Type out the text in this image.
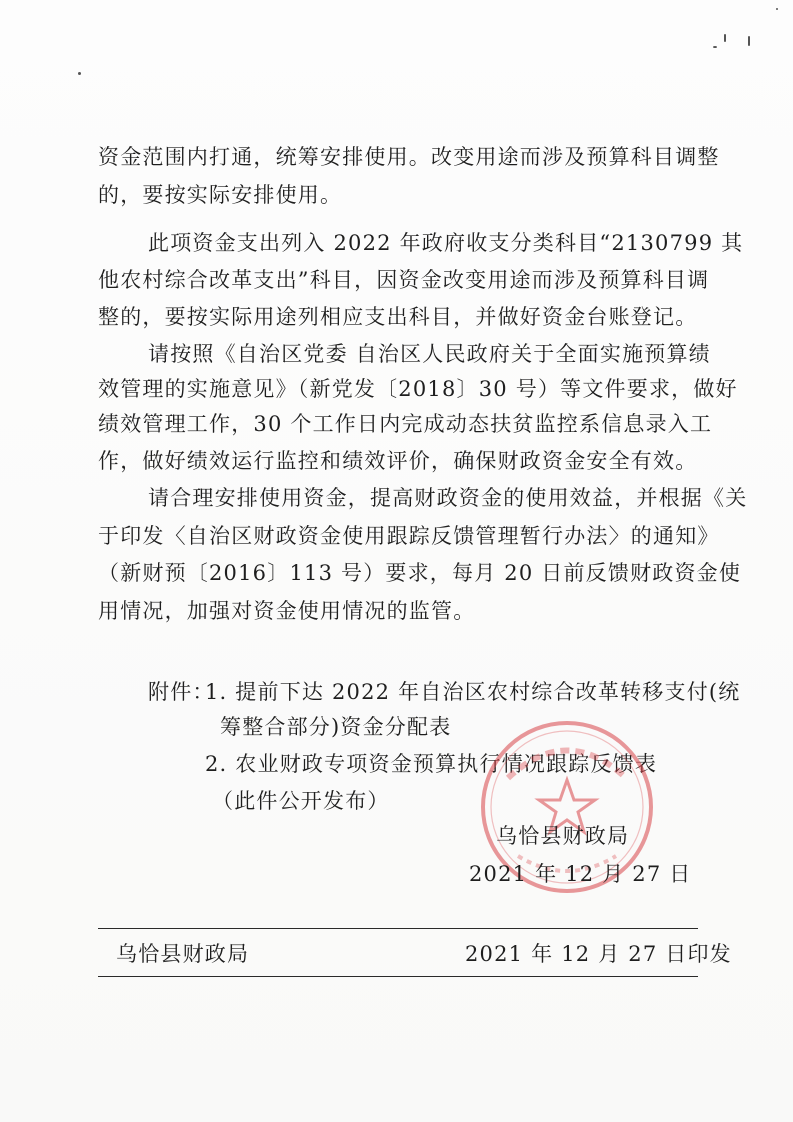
资金范围内打通，统筹安排使用。改变用途而涉及预算科目调整
的，要按实际安排使用。
此项资金支出列入 2022 年政府收支分类科目“2130799 其
他农村综合改革支出”科目，因资金改变用途而涉及预算科目调
整的，要按实际用途列相应支出科目，并做好资金台账登记。
请按照《自治区党委 自治区人民政府关于全面实施预算绩
效管理的实施意见》（新党发〔2018〕30 号）等文件要求，做好
绩效管理工作，30 个工作日内完成动态扶贫监控系信息录入工
作，做好绩效运行监控和绩效评价，确保财政资金安全有效。
请合理安排使用资金，提高财政资金的使用效益，并根据《关
于印发〈自治区财政资金使用跟踪反馈管理暂行办法〉的通知》
（新财预〔2016〕113 号）要求，每月 20 日前反馈财政资金使
用情况，加强对资金使用情况的监管。
附件：
1. 提前下达 2022 年自治区农村综合改革转移支付(统
筹整合部分)资金分配表
2. 农业财政专项资金预算执行情况跟踪反馈表
（此件公开发布）
乌恰县财政局
2021 年 12 月 27 日
乌恰县财政局	2021 年 12 月 27 日印发
